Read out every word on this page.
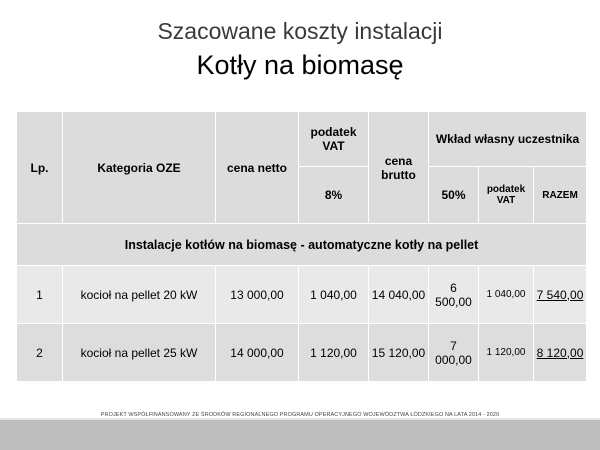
Szacowane koszty instalacji
Kotły na biomasę
Lp.	Kategoria OZE	cena netto	podatek VAT	cena brutto	Wkład własny uczestnika		
			8%		50%	podatek VAT	RAZEM
Instalacje kotłów na biomasę - automatyczne kotły na pellet							
1	kocioł na pellet 20 kW	13 000,00	1 040,00	14 040,00	6 500,00	1 040,00	7 540,00
2	kocioł na pellet 25 kW	14 000,00	1 120,00	15 120,00	7 000,00	1 120,00	8 120,00
PROJEKT WSPÓŁFINANSOWANY ZE ŚRODKÓW REGIONALNEGO PROGRAMU OPERACYJNEGO WOJEWÓDZTWA ŁÓDZKIEGO NA LATA 2014 - 2020
